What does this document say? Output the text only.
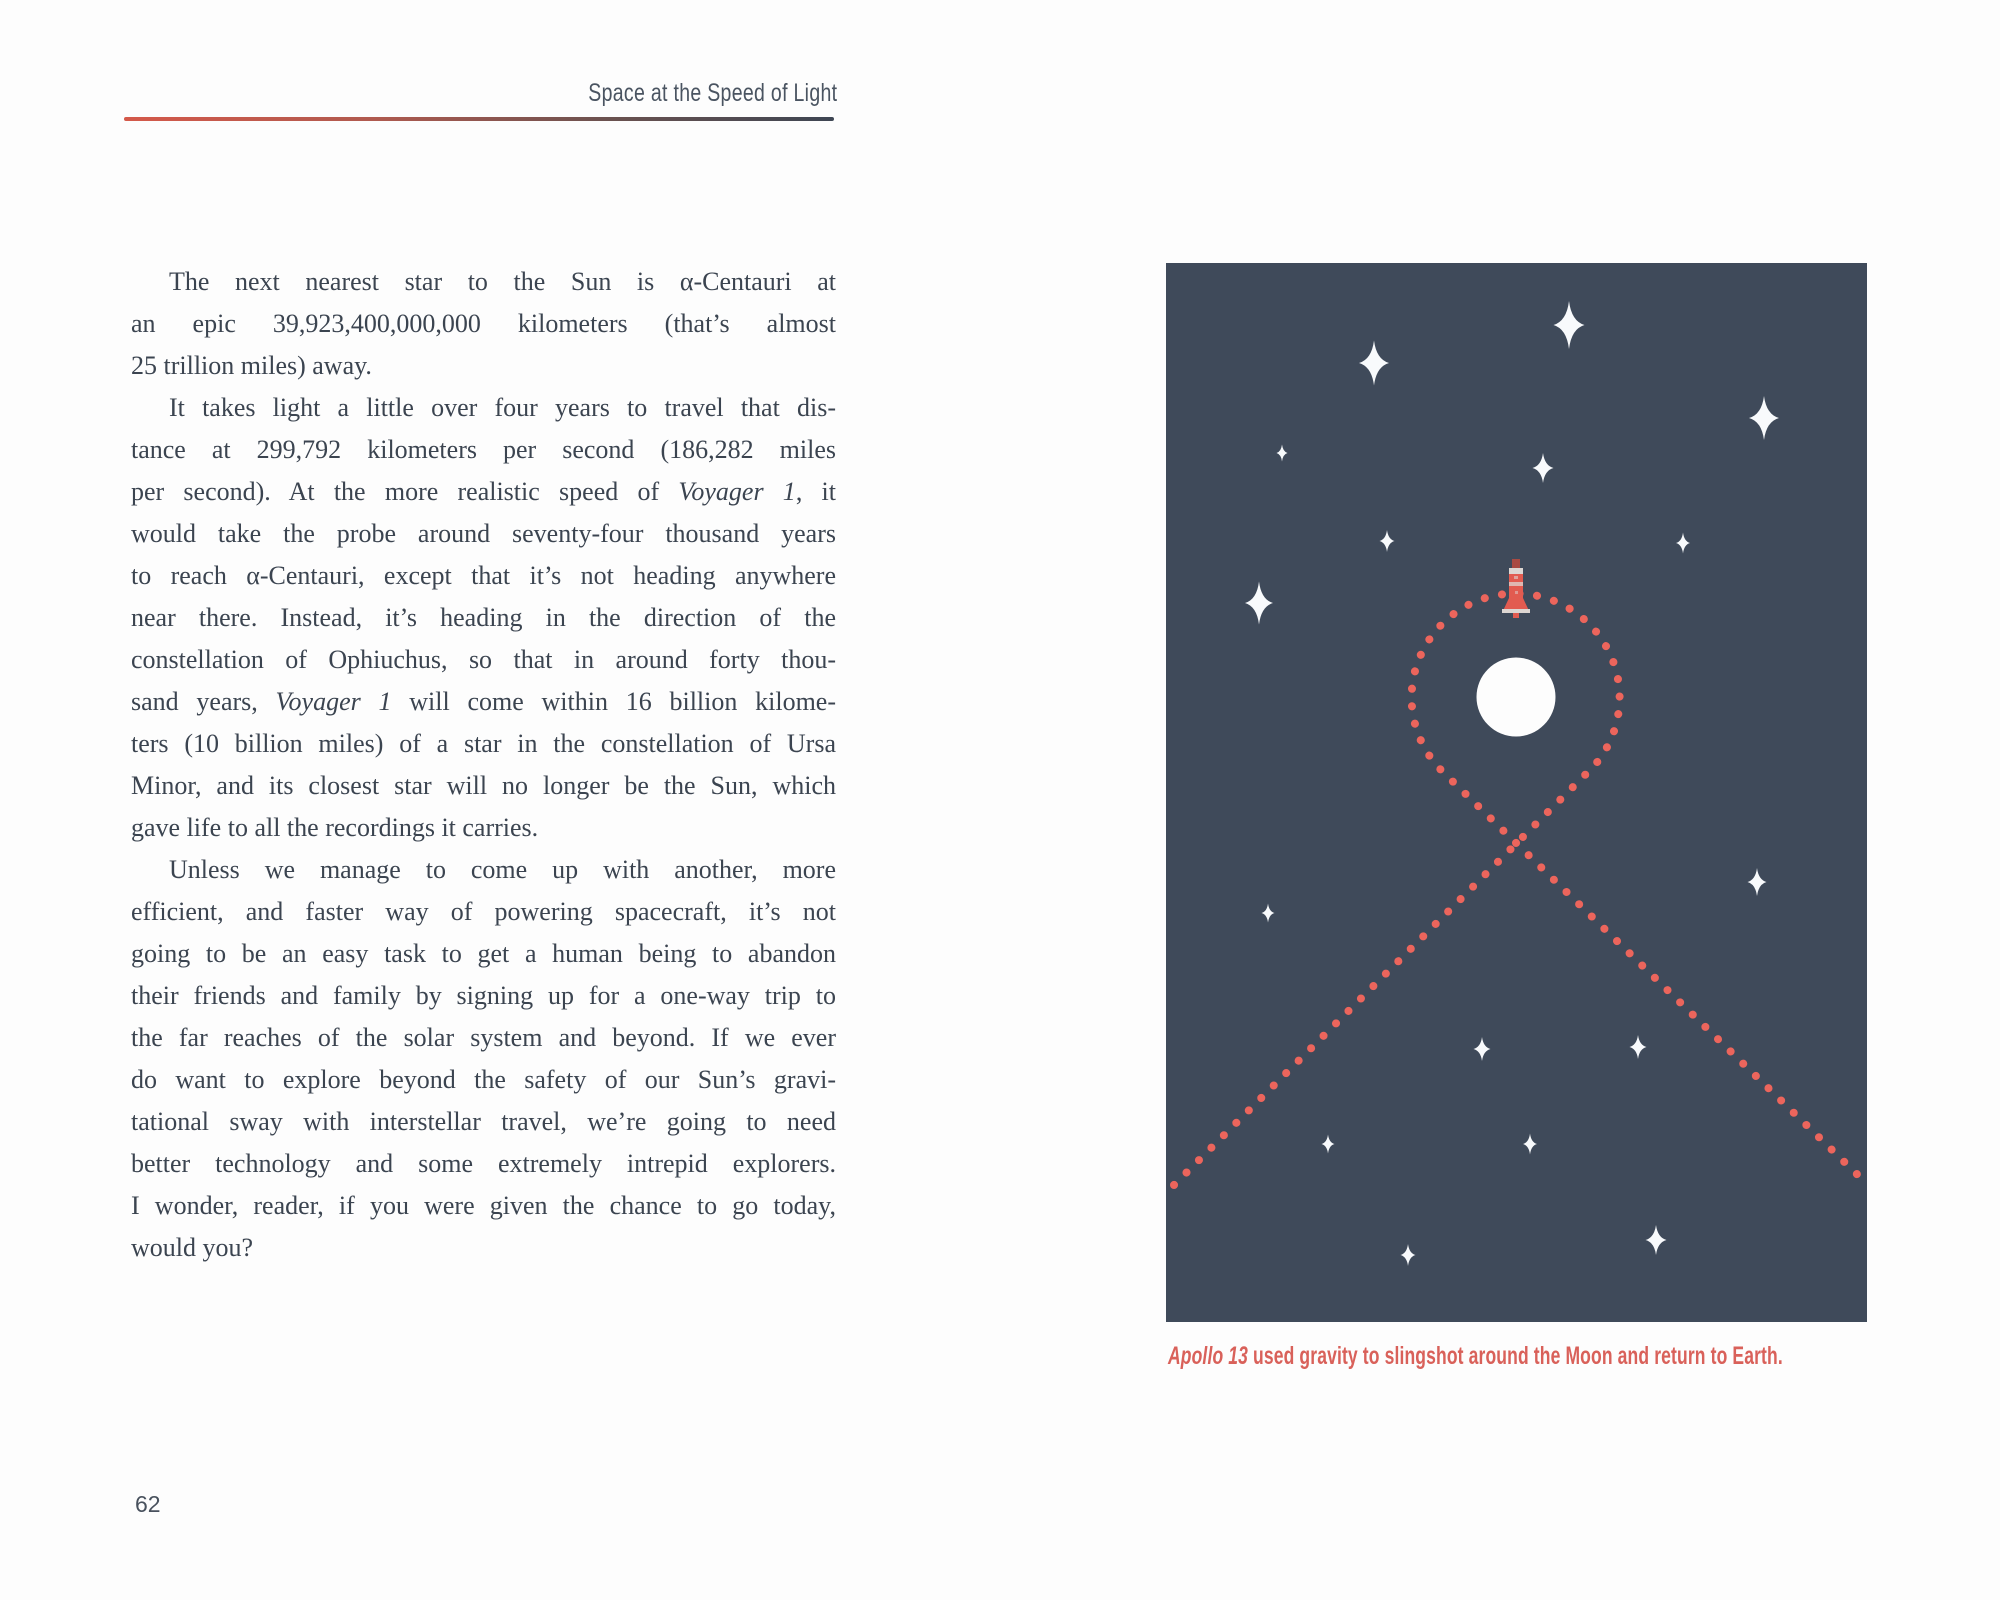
Space at the Speed of Light
The next nearest star to the Sun is α-Centauri at
an epic 39,923,400,000,000 kilometers (that’s almost
25 trillion miles) away.
It takes light a little over four years to travel that dis-
tance at 299,792 kilometers per second (186,282 miles
per second). At the more realistic speed of Voyager 1, it
would take the probe around seventy-four thousand years
to reach α-Centauri, except that it’s not heading anywhere
near there. Instead, it’s heading in the direction of the
constellation of Ophiuchus, so that in around forty thou-
sand years, Voyager 1 will come within 16 billion kilome-
ters (10 billion miles) of a star in the constellation of Ursa
Minor, and its closest star will no longer be the Sun, which
gave life to all the recordings it carries.
Unless we manage to come up with another, more
efficient, and faster way of powering spacecraft, it’s not
going to be an easy task to get a human being to abandon
their friends and family by signing up for a one-way trip to
the far reaches of the solar system and beyond. If we ever
do want to explore beyond the safety of our Sun’s gravi-
tational sway with interstellar travel, we’re going to need
better technology and some extremely intrepid explorers.
I wonder, reader, if you were given the chance to go today,
would you?
Apollo 13 used gravity to slingshot around the Moon and return to Earth.
62
